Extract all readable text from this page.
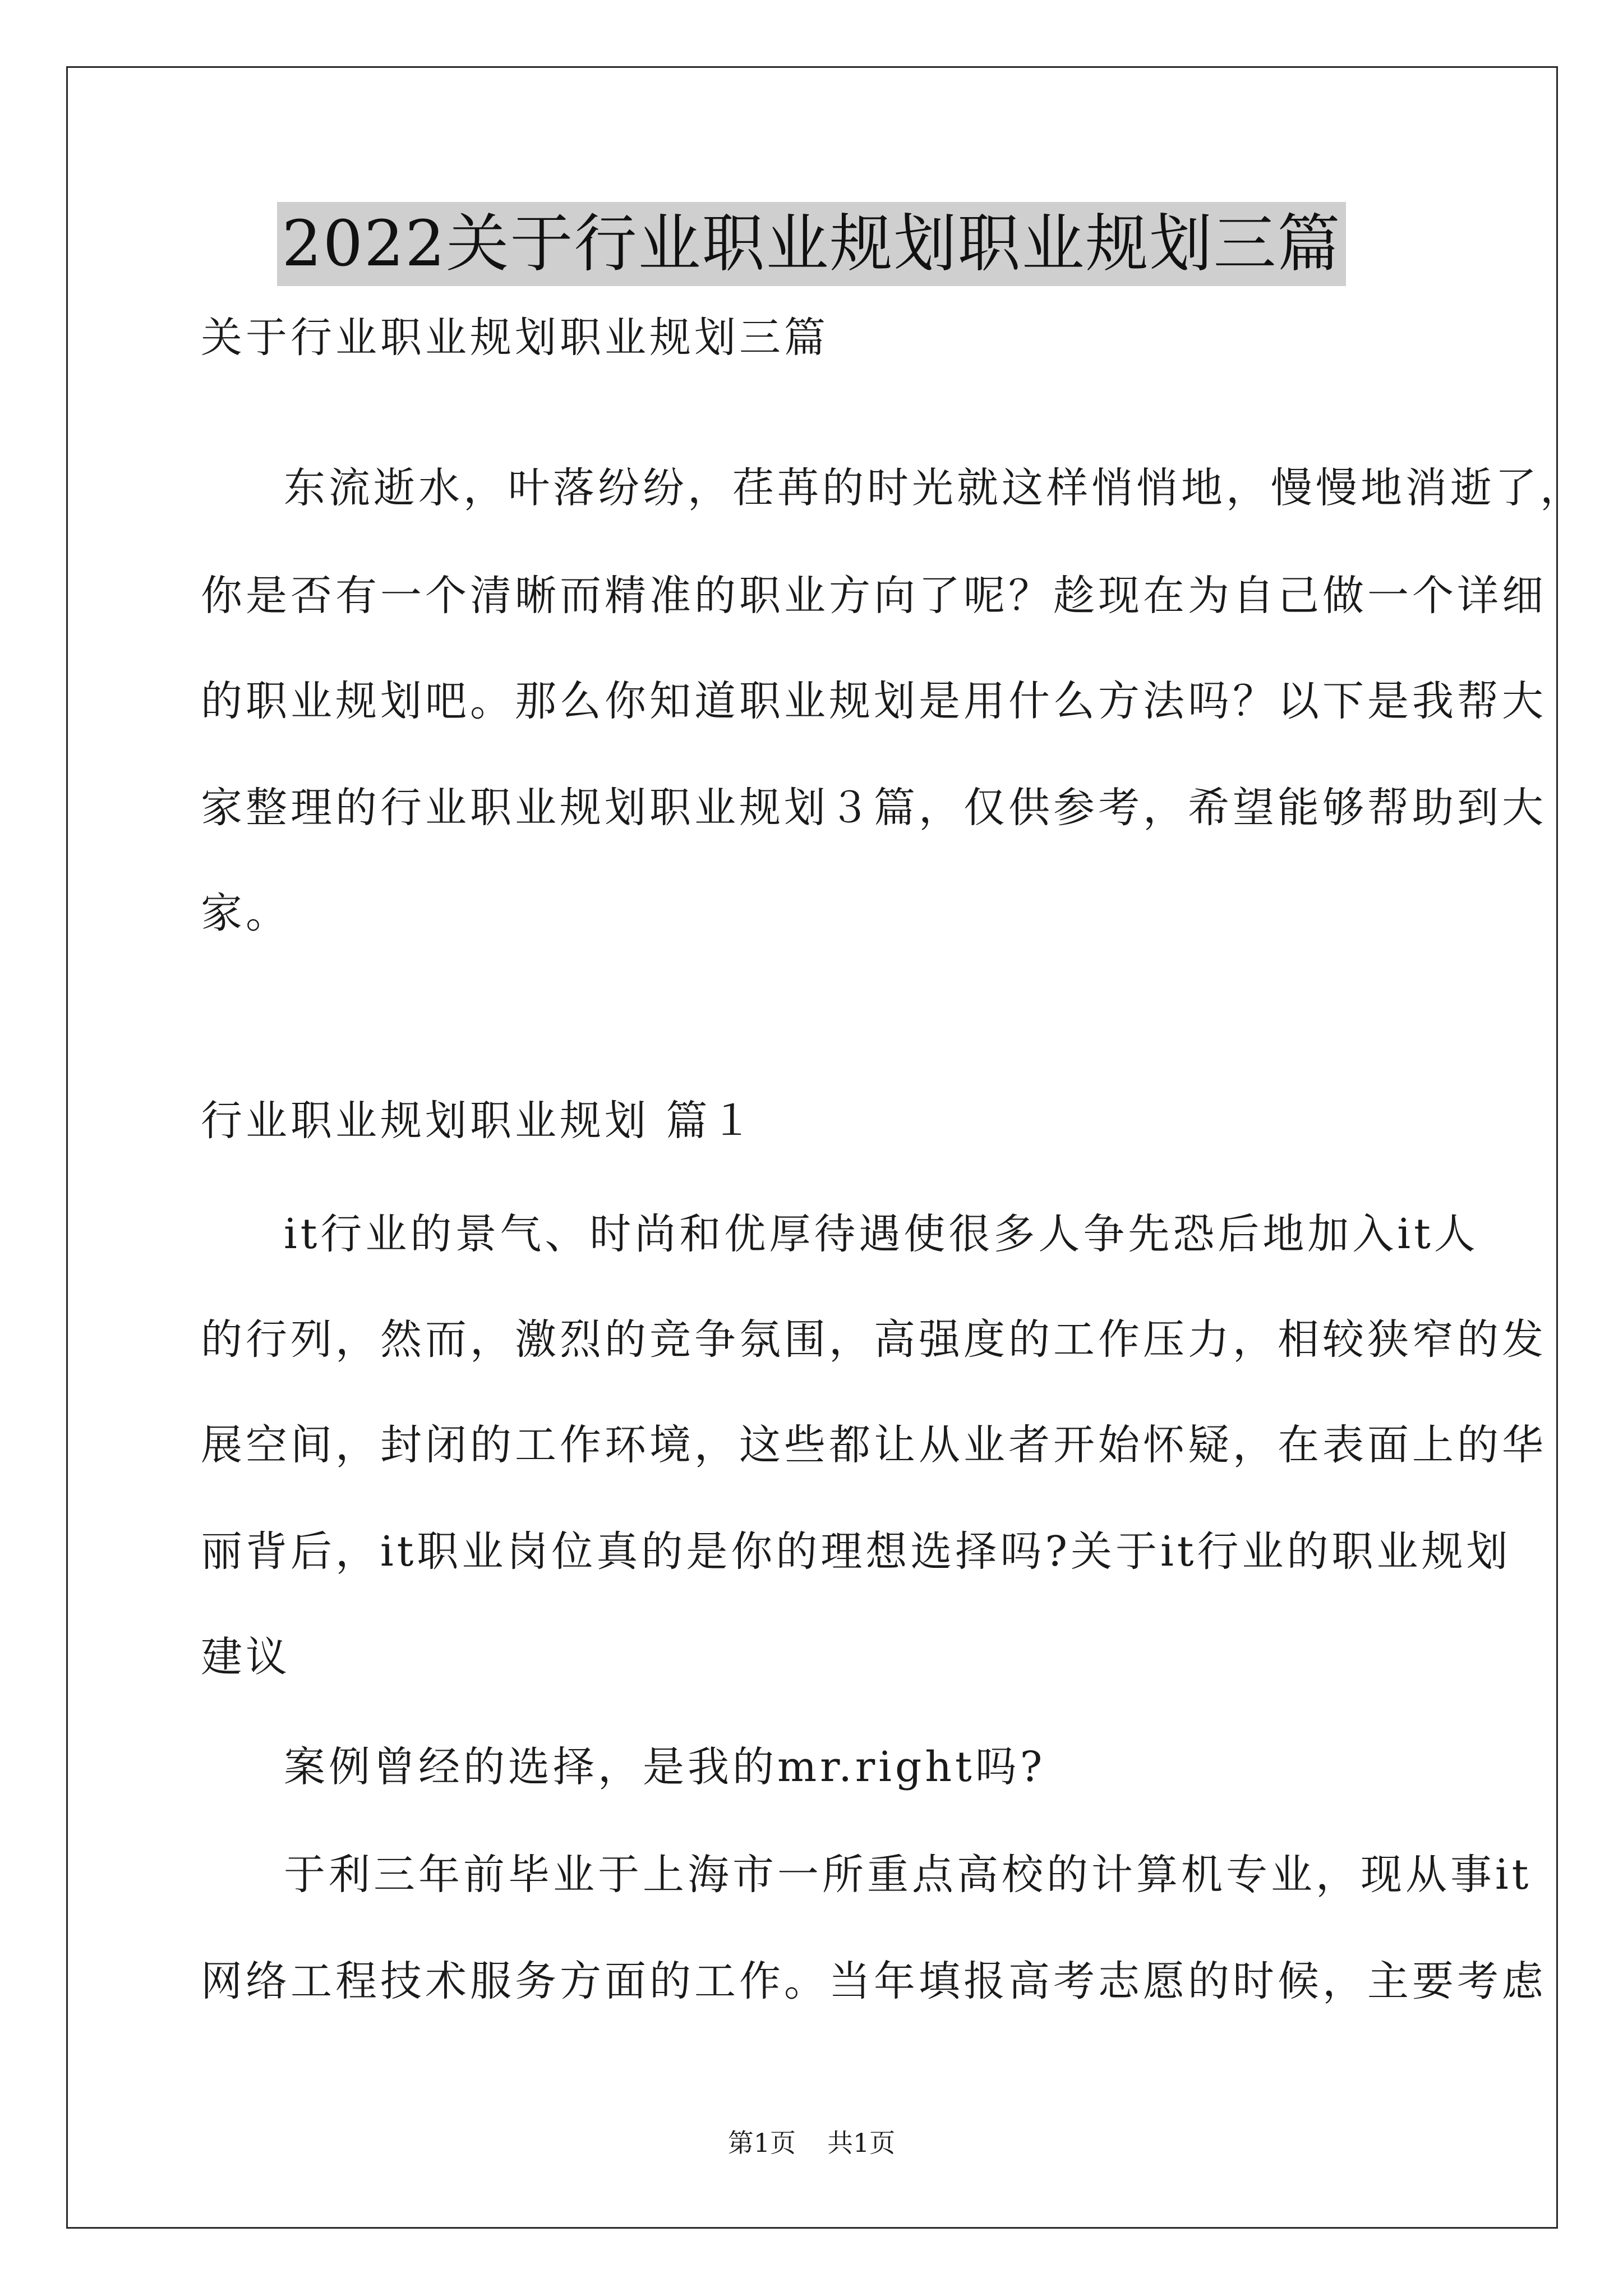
2022关于行业职业规划职业规划三篇
关于行业职业规划职业规划三篇
东流逝水，叶落纷纷，荏苒的时光就这样悄悄地，慢慢地消逝了，
你是否有一个清晰而精准的职业方向了呢？趁现在为自己做一个详细
的职业规划吧。那么你知道职业规划是用什么方法吗？以下是我帮大
家整理的行业职业规划职业规划３篇，仅供参考，希望能够帮助到大
家。
行业职业规划职业规划 篇１
it行业的景气、时尚和优厚待遇使很多人争先恐后地加入it人
的行列，然而，激烈的竞争氛围，高强度的工作压力，相较狭窄的发
展空间，封闭的工作环境，这些都让从业者开始怀疑，在表面上的华
丽背后，it职业岗位真的是你的理想选择吗?关于it行业的职业规划
建议
案例曾经的选择，是我的mr.right吗?
于利三年前毕业于上海市一所重点高校的计算机专业，现从事it
网络工程技术服务方面的工作。当年填报高考志愿的时候，主要考虑
第1页 共1页
